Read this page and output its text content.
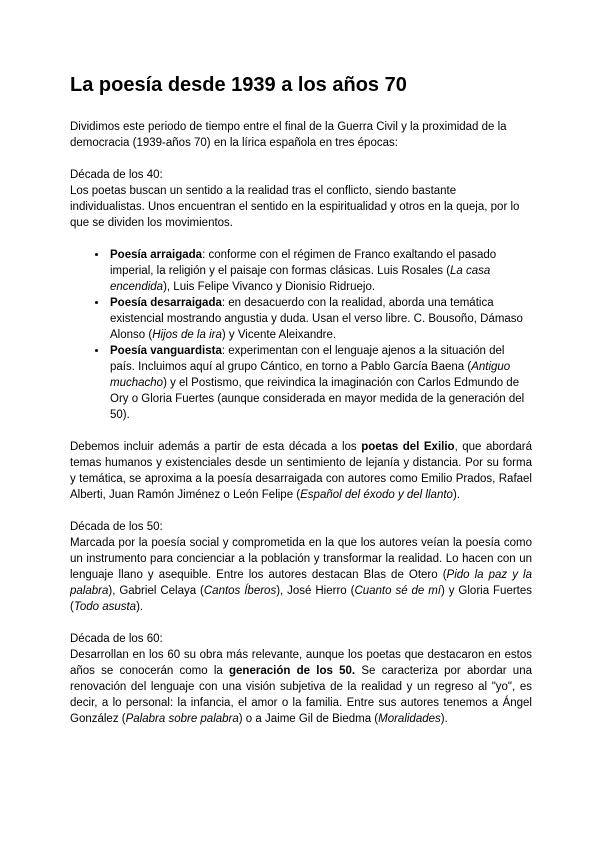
La poesía desde 1939 a los años 70

Dividimos este periodo de tiempo entre el final de la Guerra Civil y la proximidad de la democracia (1939-años 70) en la lírica española en tres épocas:

Década de los 40:

Los poetas buscan un sentido a la realidad tras el conflicto, siendo bastante individualistas. Unos encuentran el sentido en la espiritualidad y otros en la queja, por lo que se dividen los movimientos.

• Poesía arraigada: conforme con el régimen de Franco exaltando el pasado imperial, la religión y el paisaje con formas clásicas. Luis Rosales (La casa encendida), Luis Felipe Vivanco y Dionisio Ridruejo.
• Poesía desarraigada: en desacuerdo con la realidad, aborda una temática existencial mostrando angustia y duda. Usan el verso libre. C. Bousoño, Dámaso Alonso (Hijos de la ira) y Vicente Aleixandre.
• Poesía vanguardista: experimentan con el lenguaje ajenos a la situación del país. Incluimos aquí al grupo Cántico, en torno a Pablo García Baena (Antiguo muchacho) y el Postismo, que reivindica la imaginación con Carlos Edmundo de Ory o Gloria Fuertes (aunque considerada en mayor medida de la generación del 50).

Debemos incluir además a partir de esta década a los poetas del Exilio, que abordará temas humanos y existenciales desde un sentimiento de lejanía y distancia. Por su forma y temática, se aproxima a la poesía desarraigada con autores como Emilio Prados, Rafael Alberti, Juan Ramón Jiménez o León Felipe (Español del éxodo y del llanto).

Década de los 50:

Marcada por la poesía social y comprometida en la que los autores veían la poesía como un instrumento para concienciar a la población y transformar la realidad. Lo hacen con un lenguaje llano y asequible. Entre los autores destacan Blas de Otero (Pido la paz y la palabra), Gabriel Celaya (Cantos Íberos), José Hierro (Cuanto sé de mí) y Gloria Fuertes (Todo asusta).

Década de los 60:

Desarrollan en los 60 su obra más relevante, aunque los poetas que destacaron en estos años se conocerán como la generación de los 50. Se caracteriza por abordar una renovación del lenguaje con una visión subjetiva de la realidad y un regreso al "yo", es decir, a lo personal: la infancia, el amor o la familia. Entre sus autores tenemos a Ángel González (Palabra sobre palabra) o a Jaime Gil de Biedma (Moralidades).
